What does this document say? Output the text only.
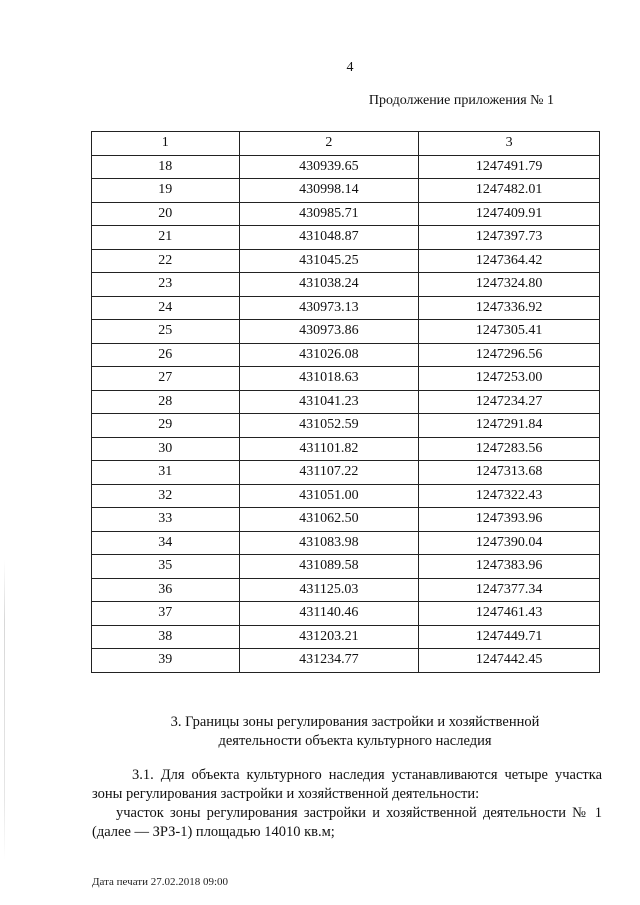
4
Продолжение приложения № 1
1	2	3
18	430939.65	1247491.79
19	430998.14	1247482.01
20	430985.71	1247409.91
21	431048.87	1247397.73
22	431045.25	1247364.42
23	431038.24	1247324.80
24	430973.13	1247336.92
25	430973.86	1247305.41
26	431026.08	1247296.56
27	431018.63	1247253.00
28	431041.23	1247234.27
29	431052.59	1247291.84
30	431101.82	1247283.56
31	431107.22	1247313.68
32	431051.00	1247322.43
33	431062.50	1247393.96
34	431083.98	1247390.04
35	431089.58	1247383.96
36	431125.03	1247377.34
37	431140.46	1247461.43
38	431203.21	1247449.71
39	431234.77	1247442.45
3. Границы зоны регулирования застройки и хозяйственной
деятельности объекта культурного наследия
3.1. Для объекта культурного наследия устанавливаются четыре участка зоны регулирования застройки и хозяйственной деятельности:
участок зоны регулирования застройки и хозяйственной деятельности № 1 (далее — ЗРЗ-1) площадью 14010 кв.м;
Дата печати 27.02.2018 09:00
